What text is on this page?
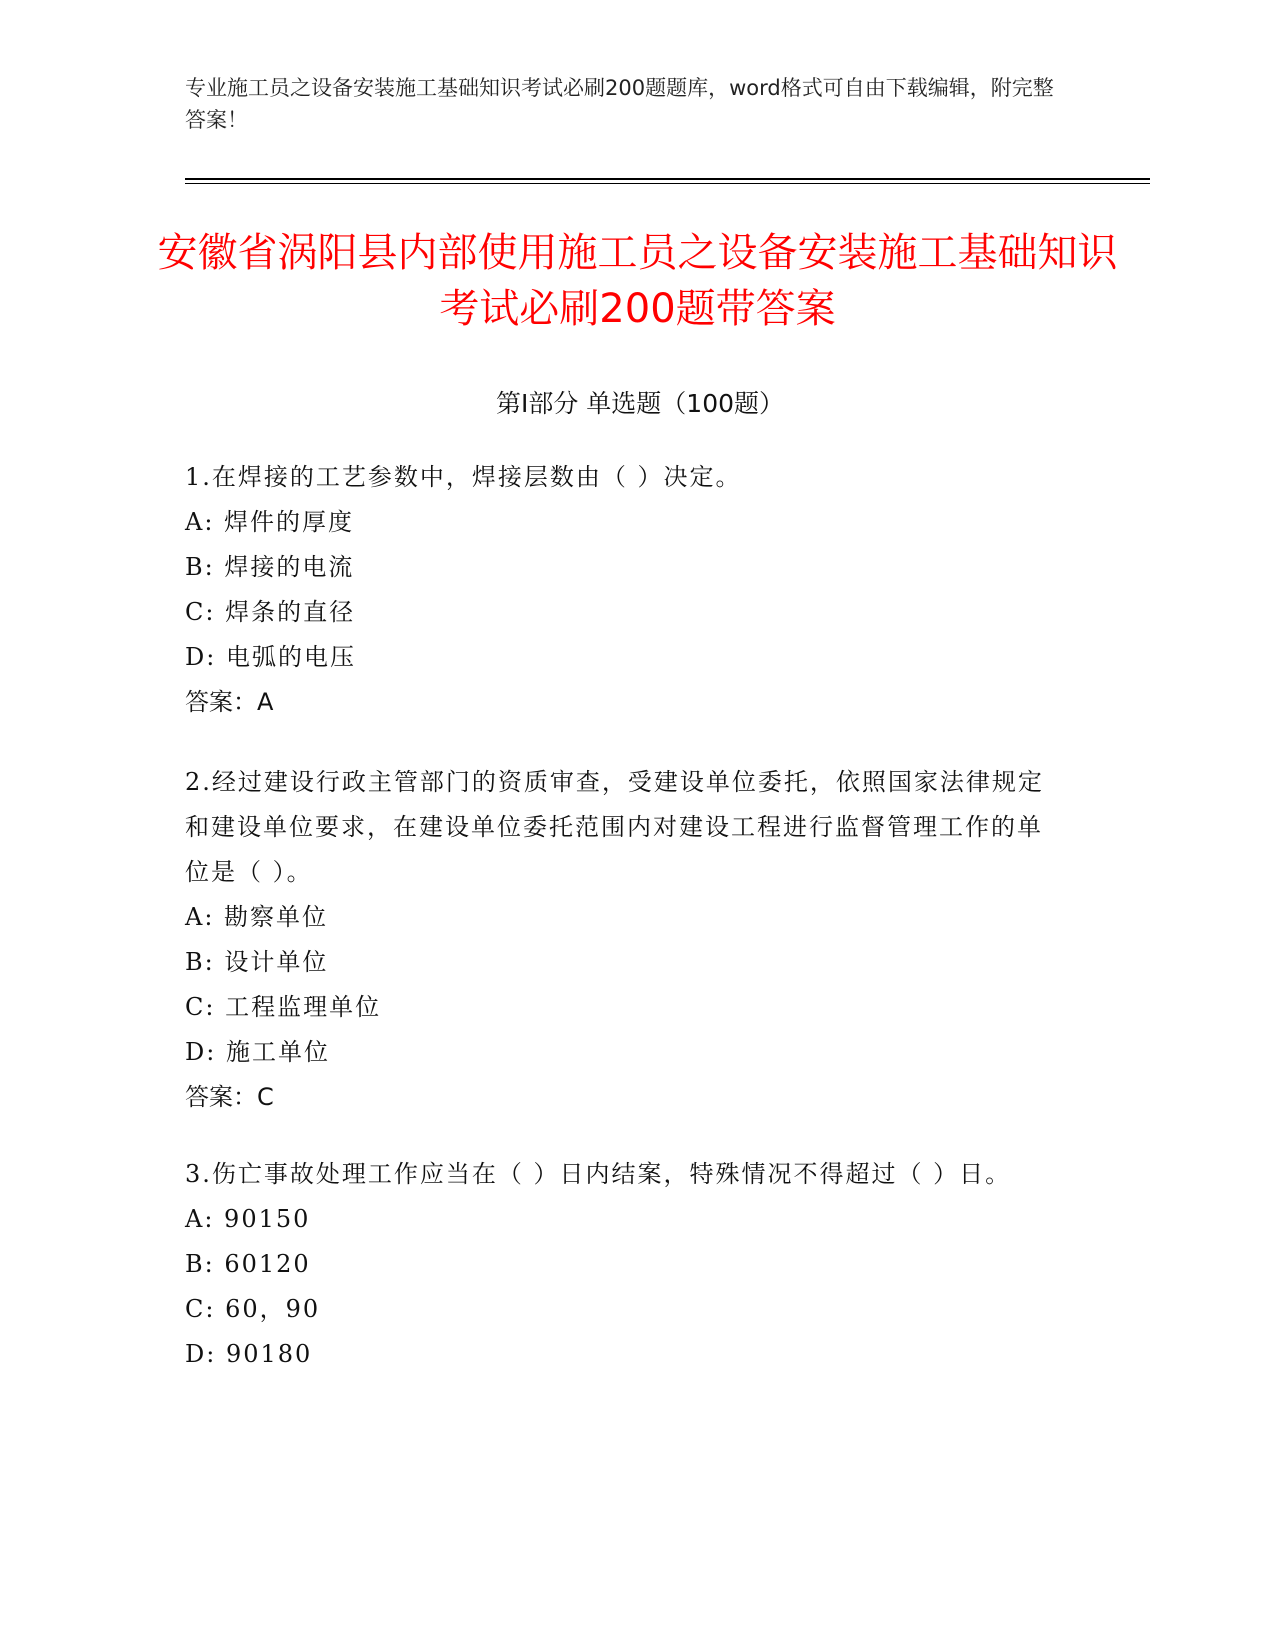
专业施工员之设备安装施工基础知识考试必刷200题题库，word格式可自由下载编辑，附完整答案！
安徽省涡阳县内部使用施工员之设备安装施工基础知识考试必刷200题带答案
第Ⅰ部分 单选题（100题）

1.在焊接的工艺参数中，焊接层数由（ ）决定。

A: 焊件的厚度

B: 焊接的电流

C: 焊条的直径

D: 电弧的电压

答案：A

2.经过建设行政主管部门的资质审查，受建设单位委托，依照国家法律规定和建设单位要求，在建设单位委托范围内对建设工程进行监督管理工作的单位是（ ）。

A: 勘察单位

B: 设计单位

C: 工程监理单位

D: 施工单位

答案：C

3.伤亡事故处理工作应当在（ ）日内结案，特殊情况不得超过（ ）日。

A: 90150

B: 60120

C: 60，90

D: 90180
